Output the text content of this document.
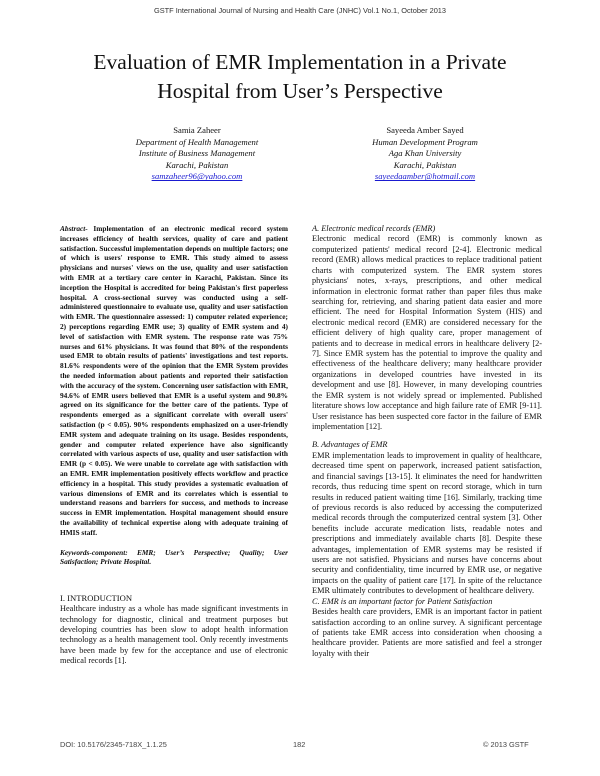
GSTF International Journal of Nursing and Health Care (JNHC) Vol.1 No.1, October 2013
Evaluation of EMR Implementation in a Private
Hospital from User’s Perspective
Samia Zaheer
Department of Health Management
Institute of Business Management
Karachi, Pakistan
samzaheer96@yahoo.com
Sayeeda Amber Sayed
Human Development Program
Aga Khan University
Karachi, Pakistan
sayeedaamber@hotmail.com

Abstract- Implementation of an electronic medical record system increases efficiency of health services, quality of care and patient satisfaction. Successful implementation depends on multiple factors; one of which is users' response to EMR. This study aimed to assess physicians and nurses' views on the use, quality and user satisfaction with EMR at a tertiary care center in Karachi, Pakistan. Since its inception the Hospital is accredited for being Pakistan's first paperless hospital. A cross-sectional survey was conducted using a self-administered questionnaire to evaluate use, quality and user satisfaction with EMR. The questionnaire assessed: 1) computer related experience; 2) perceptions regarding EMR use; 3) quality of EMR system and 4) level of satisfaction with EMR system. The response rate was 75% nurses and 61% physicians. It was found that 80% of the respondents used EMR to obtain results of patients' investigations and test reports. 81.6% respondents were of the opinion that the EMR System provides the needed information about patients and reported their satisfaction with the accuracy of the system. Concerning user satisfaction with EMR, 94.6% of EMR users believed that EMR is a useful system and 90.8% agreed on its significance for the better care of the patients. Type of respondents emerged as a significant correlate with overall users' satisfaction (p < 0.05). 90% respondents emphasized on a user-friendly EMR system and adequate training on its usage. Besides respondents, gender and computer related experience have also significantly correlated with various aspects of use, quality and user satisfaction with EMR (p < 0.05). We were unable to correlate age with satisfaction with an EMR. EMR implementation positively effects workflow and practice efficiency in a hospital. This study provides a systematic evaluation of various dimensions of EMR and its correlates which is essential to understand reasons and barriers for success, and methods to increase success in EMR implementation. Hospital management should ensure the availability of technical expertise along with adequate training of HMIS staff.

Keywords-component: EMR; User’s Perspective; Quality; User Satisfaction; Private Hospital.

I. INTRODUCTION

Healthcare industry as a whole has made significant investments in technology for diagnostic, clinical and treatment purposes but developing countries has been slow to adopt health information technology as a health management tool. Only recently investments have been made by few for the acceptance and use of electronic medical records [1].

A. Electronic medical records (EMR)

Electronic medical record (EMR) is commonly known as computerized patients' medical record [2-4]. Electronic medical record (EMR) allows medical practices to replace traditional patient charts with computerized system. The EMR system stores physicians' notes, x-rays, prescriptions, and other medical information in electronic format rather than paper files thus make searching for, retrieving, and sharing patient data easier and more efficient. The need for Hospital Information System (HIS) and electronic medical record (EMR) are considered necessary for the efficient delivery of high quality care, proper management of patients and to decrease in medical errors in healthcare delivery [2-7]. Since EMR system has the potential to improve the quality and effectiveness of the healthcare delivery; many healthcare provider organizations in developed countries have invested in its development and use [8]. However, in many developing countries the EMR system is not widely spread or implemented. Published literature shows low acceptance and high failure rate of EMR [9-11]. User resistance has been suspected core factor in the failure of EMR implementation [12].

B. Advantages of EMR

EMR implementation leads to improvement in quality of healthcare, decreased time spent on paperwork, increased patient satisfaction, and financial savings [13-15]. It eliminates the need for handwritten records, thus reducing time spent on record storage, which in turn results in reduced patient waiting time [16]. Similarly, tracking time of previous records is also reduced by accessing the computerized medical records through the computerized central system [3]. Other benefits include accurate medication lists, readable notes and prescriptions and immediately available charts [8]. Despite these advantages, implementation of EMR systems may be resisted if users are not satisfied. Physicians and nurses have concerns about security and confidentiality, time incurred by EMR use, or negative impacts on the quality of patient care [17]. In spite of the reluctance EMR ultimately contributes to development of healthcare delivery.

C. EMR is an important factor for Patient Satisfaction

Besides health care providers, EMR is an important factor in patient satisfaction according to an online survey. A significant percentage of patients take EMR access into consideration when choosing a healthcare provider. Patients are more satisfied and feel a stronger loyalty with their

DOI: 10.5176/2345-718X_1.1.25	182	© 2013 GSTF
